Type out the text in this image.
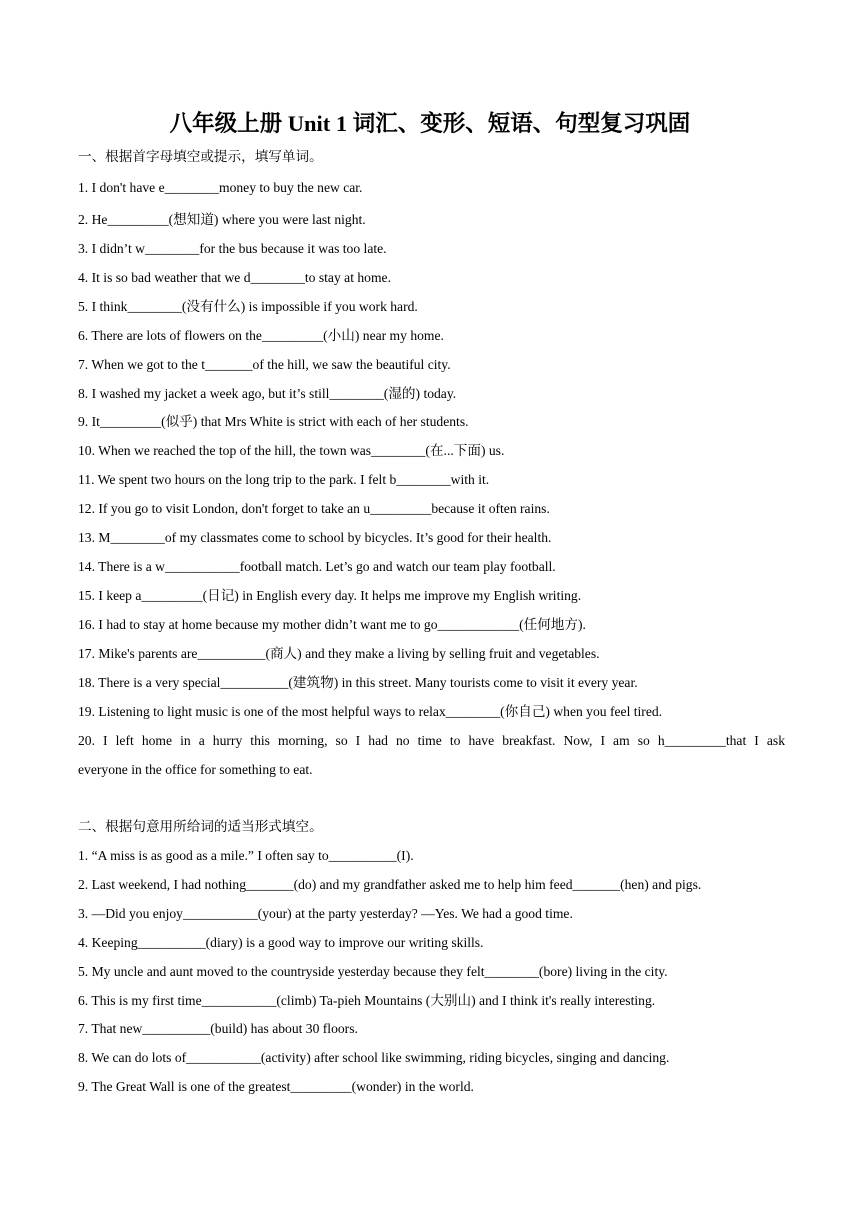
八年级上册 Unit 1 词汇、变形、短语、句型复习巩固
一、根据首字母填空或提示，填写单词。
1. I don't have e________money to buy the new car.
2. He_________(想知道) where you were last night.
3. I didn’t w________for the bus because it was too late.
4. It is so bad weather that we d________to stay at home.
5. I think________(没有什么) is impossible if you work hard.
6. There are lots of flowers on the_________(小山) near my home.
7. When we got to the t_______of the hill, we saw the beautiful city.
8. I washed my jacket a week ago, but it’s still________(湿的) today.
9. It_________(似乎) that Mrs White is strict with each of her students.
10. When we reached the top of the hill, the town was________(在...下面) us.
11. We spent two hours on the long trip to the park. I felt b________with it.
12. If you go to visit London, don't forget to take an u_________because it often rains.
13. M________of my classmates come to school by bicycles. It’s good for their health.
14. There is a w___________football match. Let’s go and watch our team play football.
15. I keep a_________(日记) in English every day. It helps me improve my English writing.
16. I had to stay at home because my mother didn’t want me to go____________(任何地方).
17. Mike's parents are__________(商人) and they make a living by selling fruit and vegetables.
18. There is a very special__________(建筑物) in this street. Many tourists come to visit it every year.
19. Listening to light music is one of the most helpful ways to relax________(你自己) when you feel tired.
20. I left home in a hurry this morning, so I had no time to have breakfast. Now, I am so h_________that I ask
everyone in the office for something to eat.
二、根据句意用所给词的适当形式填空。
1. “A miss is as good as a mile.” I often say to__________(I).
2. Last weekend, I had nothing_______(do) and my grandfather asked me to help him feed_______(hen) and pigs.
3. —Did you enjoy___________(your) at the party yesterday? —Yes. We had a good time.
4. Keeping__________(diary) is a good way to improve our writing skills.
5. My uncle and aunt moved to the countryside yesterday because they felt________(bore) living in the city.
6. This is my first time___________(climb) Ta-pieh Mountains (大别山) and I think it's really interesting.
7. That new__________(build) has about 30 floors.
8. We can do lots of___________(activity) after school like swimming, riding bicycles, singing and dancing.
9. The Great Wall is one of the greatest_________(wonder) in the world.
